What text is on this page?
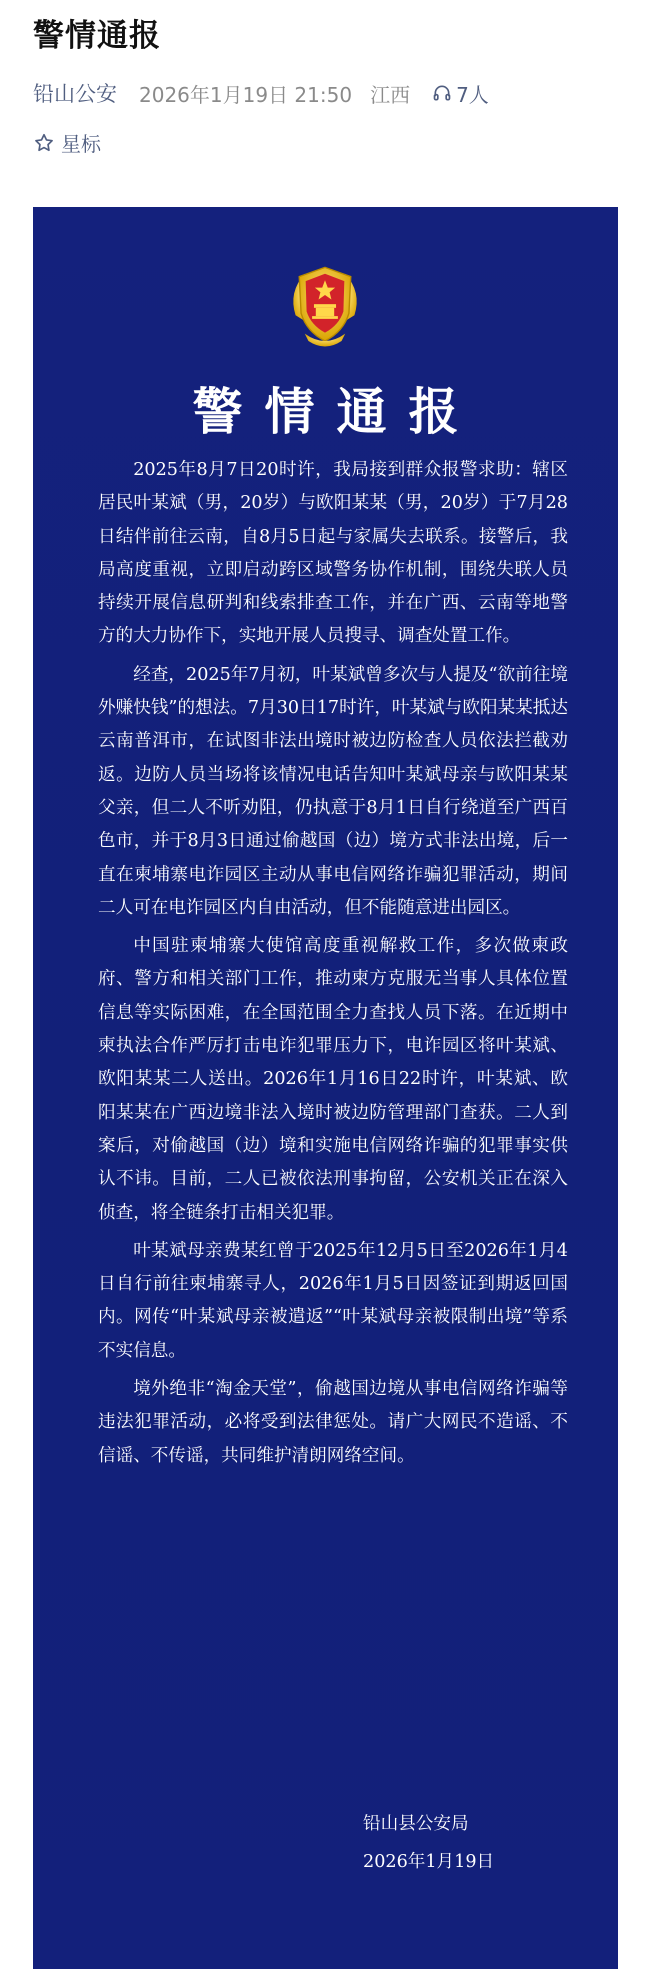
警情通报
铅山公安 2026年1月19日 21:50 江西 7人
星标
警情通报

2025年8月7日20时许，我局接到群众报警求助：辖区居民叶某斌（男，20岁）与欧阳某某（男，20岁）于7月28日结伴前往云南，自8月5日起与家属失去联系。接警后，我局高度重视，立即启动跨区域警务协作机制，围绕失联人员持续开展信息研判和线索排查工作，并在广西、云南等地警方的大力协作下，实地开展人员搜寻、调查处置工作。

经查，2025年7月初，叶某斌曾多次与人提及“欲前往境外赚快钱”的想法。7月30日17时许，叶某斌与欧阳某某抵达云南普洱市，在试图非法出境时被边防检查人员依法拦截劝返。边防人员当场将该情况电话告知叶某斌母亲与欧阳某某父亲，但二人不听劝阻，仍执意于8月1日自行绕道至广西百色市，并于8月3日通过偷越国（边）境方式非法出境，后一直在柬埔寨电诈园区主动从事电信网络诈骗犯罪活动，期间二人可在电诈园区内自由活动，但不能随意进出园区。

中国驻柬埔寨大使馆高度重视解救工作，多次做柬政府、警方和相关部门工作，推动柬方克服无当事人具体位置信息等实际困难，在全国范围全力查找人员下落。在近期中柬执法合作严厉打击电诈犯罪压力下，电诈园区将叶某斌、欧阳某某二人送出。2026年1月16日22时许，叶某斌、欧阳某某在广西边境非法入境时被边防管理部门查获。二人到案后，对偷越国（边）境和实施电信网络诈骗的犯罪事实供认不讳。目前，二人已被依法刑事拘留，公安机关正在深入侦查，将全链条打击相关犯罪。

叶某斌母亲费某红曾于2025年12月5日至2026年1月4日自行前往柬埔寨寻人，2026年1月5日因签证到期返回国内。网传“叶某斌母亲被遣返”“叶某斌母亲被限制出境”等系不实信息。

境外绝非“淘金天堂”，偷越国边境从事电信网络诈骗等违法犯罪活动，必将受到法律惩处。请广大网民不造谣、不信谣、不传谣，共同维护清朗网络空间。

铅山县公安局
2026年1月19日
